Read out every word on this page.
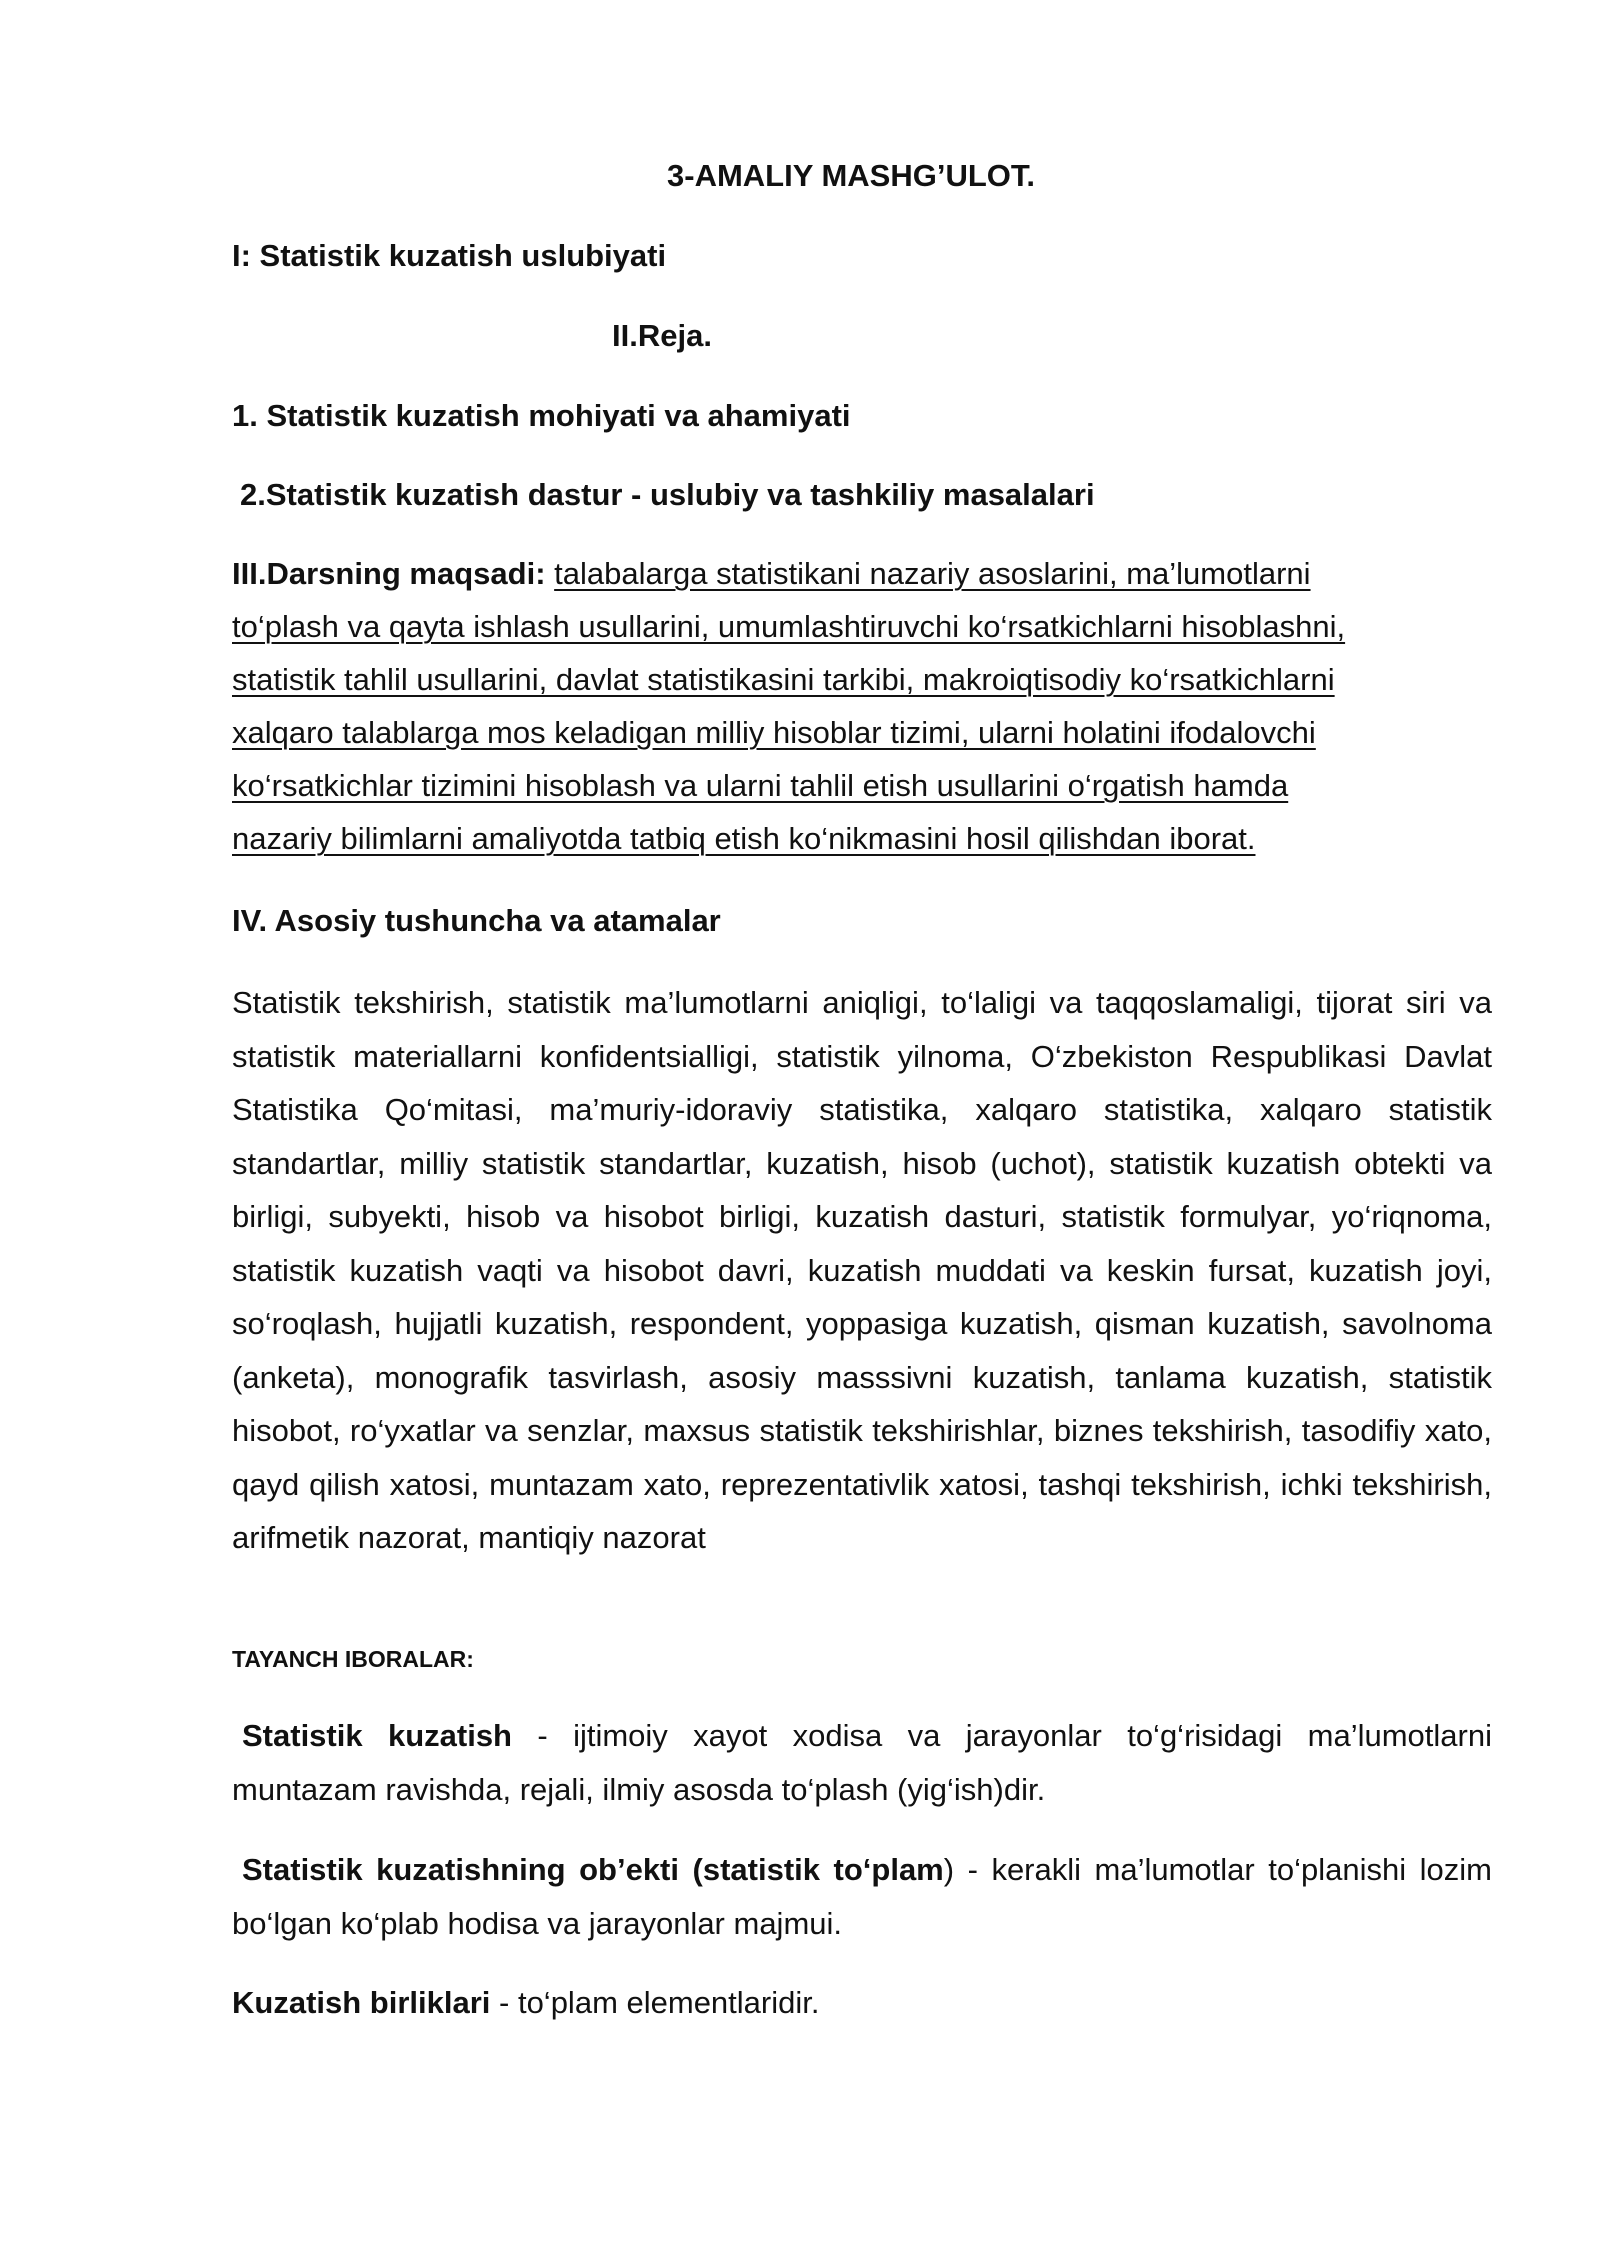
3-AMALIY MASHG’ULOT.

I: Statistik kuzatish uslubiyati

II.Reja.

1. Statistik kuzatish mohiyati va ahamiyati

2.Statistik kuzatish dastur - uslubiy va tashkiliy masalalari

III.Darsning maqsadi: talabalarga statistikani nazariy asoslarini, ma’lumotlarni
to‘plash va qayta ishlash usullarini, umumlashtiruvchi ko‘rsatkichlarni hisoblashni,
statistik tahlil usullarini, davlat statistikasini tarkibi, makroiqtisodiy ko‘rsatkichlarni
xalqaro talablarga mos keladigan milliy hisoblar tizimi, ularni holatini ifodalovchi
ko‘rsatkichlar tizimini hisoblash va ularni tahlil etish usullarini o‘rgatish hamda
nazariy bilimlarni amaliyotda tatbiq etish ko‘nikmasini hosil qilishdan iborat.

IV. Asosiy tushuncha va atamalar

Statistik tekshirish, statistik ma’lumotlarni aniqligi, to‘laligi va taqqoslamaligi, tijorat siri va statistik materiallarni konfidentsialligi, statistik yilnoma, O‘zbekiston Respublikasi Davlat Statistika Qo‘mitasi, ma’muriy-idoraviy statistika, xalqaro statistika, xalqaro statistik standartlar, milliy statistik standartlar, kuzatish, hisob (uchot), statistik kuzatish obtekti va birligi, subyekti, hisob va hisobot birligi, kuzatish dasturi, statistik formulyar, yo‘riqnoma, statistik kuzatish vaqti va hisobot davri, kuzatish muddati va keskin fursat, kuzatish joyi, so‘roqlash, hujjatli kuzatish, respondent, yoppasiga kuzatish, qisman kuzatish, savolnoma (anketa), monografik tasvirlash, asosiy masssivni kuzatish, tanlama kuzatish, statistik hisobot, ro‘yxatlar va senzlar, maxsus statistik tekshirishlar, biznes tekshirish, tasodifiy xato, qayd qilish xatosi, muntazam xato, reprezentativlik xatosi, tashqi tekshirish, ichki tekshirish, arifmetik nazorat, mantiqiy nazorat

TAYANCH IBORALAR:

Statistik kuzatish - ijtimoiy xayot xodisa va jarayonlar to‘g‘risidagi ma’lumotlarni muntazam ravishda, rejali, ilmiy asosda to‘plash (yig‘ish)dir.

Statistik kuzatishning ob’ekti (statistik to‘plam) - kerakli ma’lumotlar to‘planishi lozim bo‘lgan ko‘plab hodisa va jarayonlar majmui.

Kuzatish birliklari - to‘plam elementlaridir.
